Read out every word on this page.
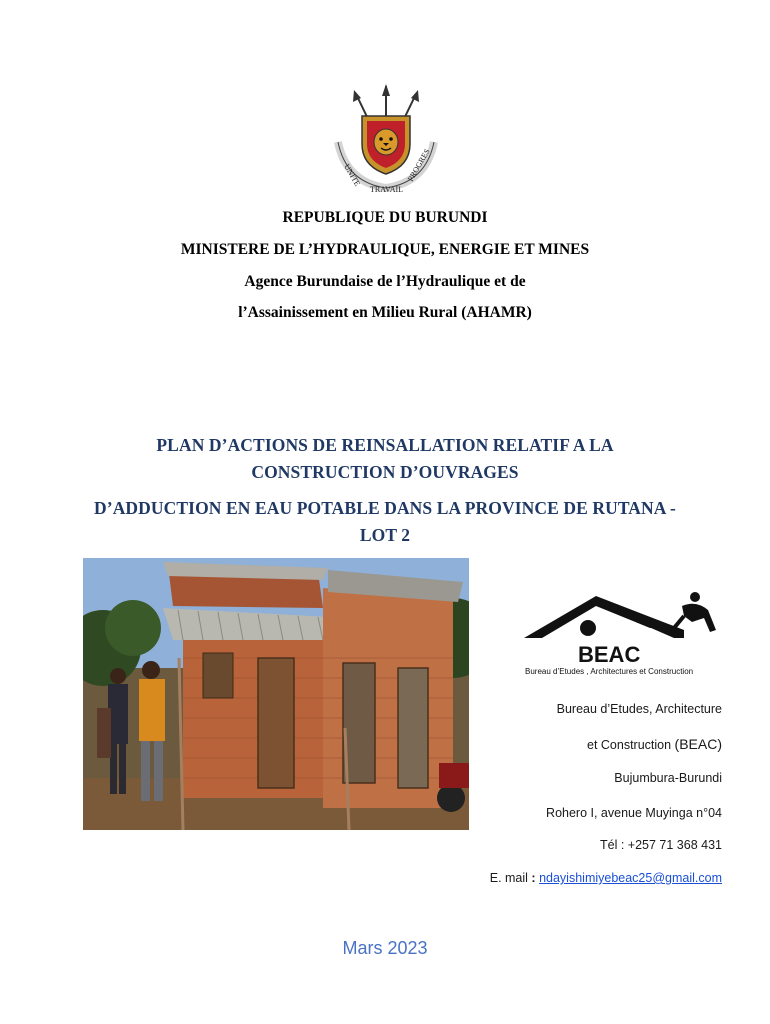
UNITE
TRAVAIL
PROGRES
REPUBLIQUE DU BURUNDI
MINISTERE DE L’HYDRAULIQUE, ENERGIE ET MINES
Agence Burundaise de l’Hydraulique et de
l’Assainissement en Milieu Rural (AHAMR)
PLAN D’ACTIONS DE REINSALLATION RELATIF A LA
CONSTRUCTION D’OUVRAGES
D’ADDUCTION EN EAU POTABLE DANS LA PROVINCE DE RUTANA -
LOT 2
BEAC
Bureau d’Etudes , Architectures et Construction
Bureau d’Etudes, Architecture
et Construction (BEAC)
Bujumbura-Burundi
Rohero I, avenue Muyinga n°04
Tél : +257 71 368 431
E. mail : ndayishimiyebeac25@gmail.com
Mars 2023
